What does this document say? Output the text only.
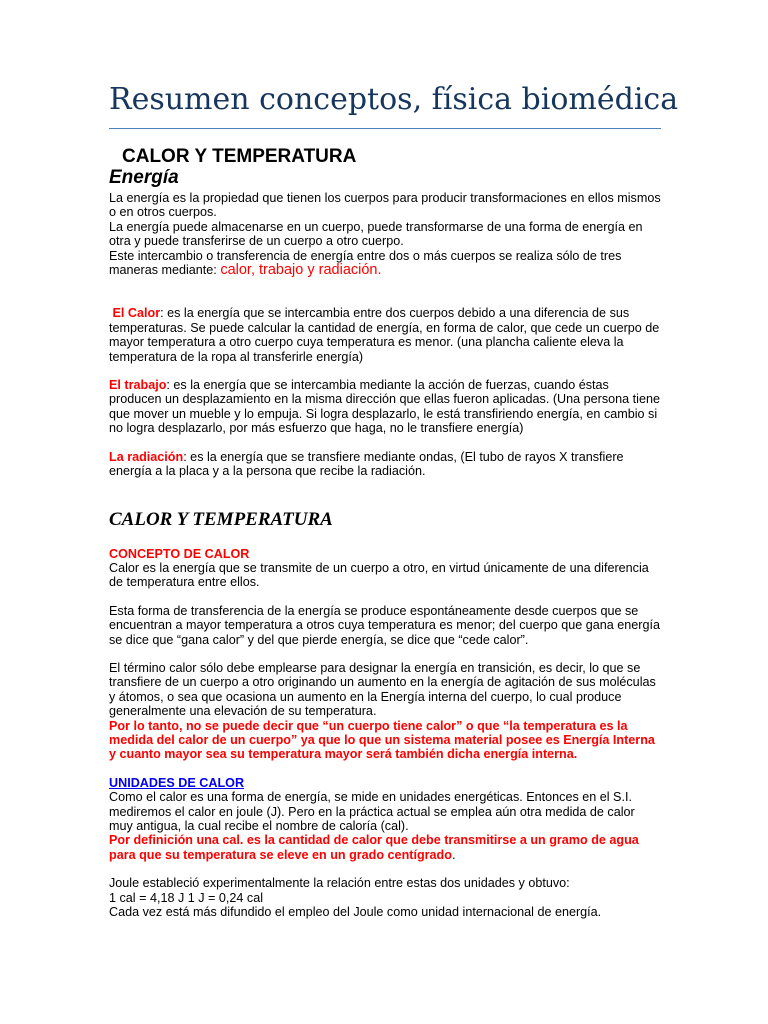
Resumen conceptos, física biomédica
CALOR Y TEMPERATURA
Energía

La energía es la propiedad que tienen los cuerpos para producir transformaciones en ellos mismos o en otros cuerpos.

La energía puede almacenarse en un cuerpo, puede transformarse de una forma de energía en otra y puede transferirse de un cuerpo a otro cuerpo.

Este intercambio o transferencia de energía entre dos o más cuerpos se realiza sólo de tres maneras mediante: calor, trabajo y radiación.

El Calor: es la energía que se intercambia entre dos cuerpos debido a una diferencia de sus temperaturas. Se puede calcular la cantidad de energía, en forma de calor, que cede un cuerpo de mayor temperatura a otro cuerpo cuya temperatura es menor. (una plancha caliente eleva la temperatura de la ropa al transferirle energía)

El trabajo: es la energía que se intercambia mediante la acción de fuerzas, cuando éstas producen un desplazamiento en la misma dirección que ellas fueron aplicadas. (Una persona tiene que mover un mueble y lo empuja. Si logra desplazarlo, le está transfiriendo energía, en cambio si no logra desplazarlo, por más esfuerzo que haga, no le transfiere energía)

La radiación: es la energía que se transfiere mediante ondas, (El tubo de rayos X transfiere energía a la placa y a la persona que recibe la radiación.

CALOR Y TEMPERATURA

CONCEPTO DE CALOR

Calor es la energía que se transmite de un cuerpo a otro, en virtud únicamente de una diferencia de temperatura entre ellos.

Esta forma de transferencia de la energía se produce espontáneamente desde cuerpos que se encuentran a mayor temperatura a otros cuya temperatura es menor; del cuerpo que gana energía se dice que “gana calor” y del que pierde energía, se dice que “cede calor”.

El término calor sólo debe emplearse para designar la energía en transición, es decir, lo que se transfiere de un cuerpo a otro originando un aumento en la energía de agitación de sus moléculas y átomos, o sea que ocasiona un aumento en la Energía interna del cuerpo, lo cual produce generalmente una elevación de su temperatura.

Por lo tanto, no se puede decir que “un cuerpo tiene calor” o que “la temperatura es la medida del calor de un cuerpo” ya que lo que un sistema material posee es Energía Interna y cuanto mayor sea su temperatura mayor será también dicha energía interna.

UNIDADES DE CALOR

Como el calor es una forma de energía, se mide en unidades energéticas. Entonces en el S.I. mediremos el calor en joule (J). Pero en la práctica actual se emplea aún otra medida de calor muy antigua, la cual recibe el nombre de caloría (cal).

Por definición una cal. es la cantidad de calor que debe transmitirse a un gramo de agua para que su temperatura se eleve en un grado centígrado.

Joule estableció experimentalmente la relación entre estas dos unidades y obtuvo:

1 cal = 4,18 J 1 J = 0,24 cal

Cada vez está más difundido el empleo del Joule como unidad internacional de energía.
